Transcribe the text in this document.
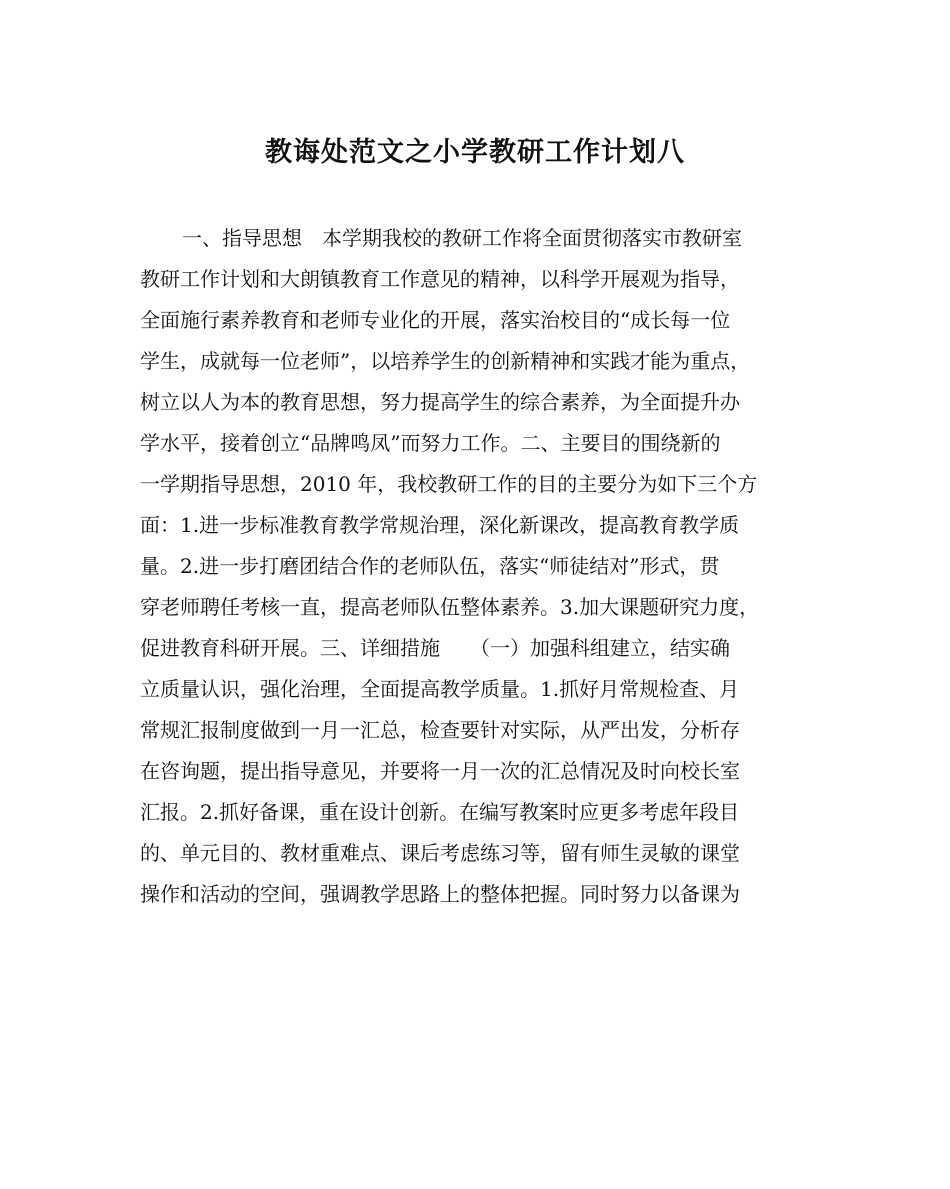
教诲处范文之小学教研工作计划八
一、指导思想　本学期我校的教研工作将全面贯彻落实市教研室
教研工作计划和大朗镇教育工作意见的精神，以科学开展观为指导，
全面施行素养教育和老师专业化的开展，落实治校目的“成长每一位
学生，成就每一位老师”，以培养学生的创新精神和实践才能为重点，
树立以人为本的教育思想，努力提高学生的综合素养，为全面提升办
学水平，接着创立“品牌鸣凤”而努力工作。二、主要目的围绕新的
一学期指导思想，2010 年，我校教研工作的目的主要分为如下三个方
面：1.进一步标准教育教学常规治理，深化新课改，提高教育教学质
量。2.进一步打磨团结合作的老师队伍，落实“师徒结对”形式，贯
穿老师聘任考核一直，提高老师队伍整体素养。3.加大课题研究力度，
促进教育科研开展。三、详细措施　　（一）加强科组建立，结实确
立质量认识，强化治理，全面提高教学质量。1.抓好月常规检查、月
常规汇报制度做到一月一汇总，检查要针对实际，从严出发，分析存
在咨询题，提出指导意见，并要将一月一次的汇总情况及时向校长室
汇报。2.抓好备课，重在设计创新。在编写教案时应更多考虑年段目
的、单元目的、教材重难点、课后考虑练习等，留有师生灵敏的课堂
操作和活动的空间，强调教学思路上的整体把握。同时努力以备课为
